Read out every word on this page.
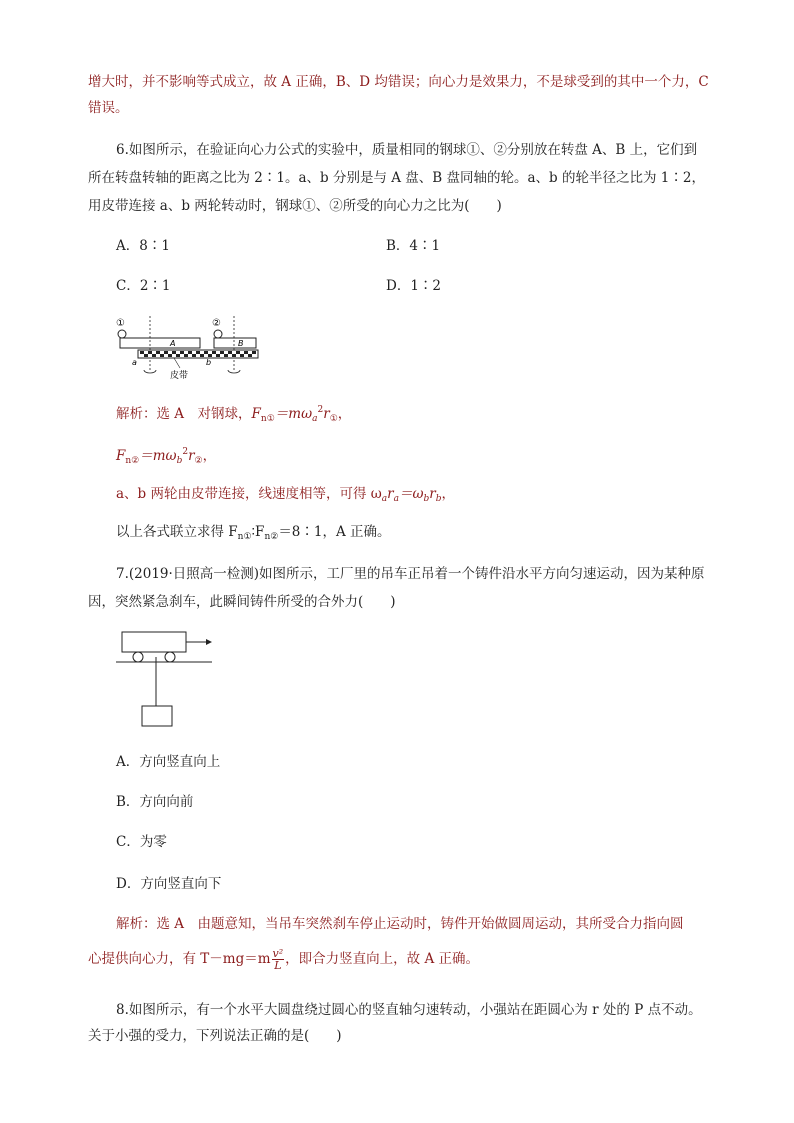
增大时，并不影响等式成立，故 A 正确，B、D 均错误；向心力是效果力，不是球受到的其中一个力，C
错误。
6.如图所示，在验证向心力公式的实验中，质量相同的钢球①、②分别放在转盘 A、B 上，它们到
所在转盘转轴的距离之比为 2∶1。a、b 分别是与 A 盘、B 盘同轴的轮。a、b 的轮半径之比为 1∶2，
用皮带连接 a、b 两轮转动时，钢球①、②所受的向心力之比为(　　)
A．8∶1	B．4∶1
C．2∶1	D．1∶2
①	②
A	B
a	b
皮带
解析：选 A　对钢球，$F_{n①}=m\omega_a^2r_①$，
$F_{n②}=m\omega_b^2r_②$，
a、b 两轮由皮带连接，线速度相等，可得 $\omega_ar_a=\omega_br_b$，
以上各式联立求得 $F_{n①}∶F_{n②}=8∶1$，A 正确。
7.(2019·日照高一检测)如图所示，工厂里的吊车正吊着一个铸件沿水平方向匀速运动，因为某种原
因，突然紧急刹车，此瞬间铸件所受的合外力(　　)
A．方向竖直向上
B．方向向前
C．为零
D．方向竖直向下
解析：选 A　由题意知，当吊车突然刹车停止运动时，铸件开始做圆周运动，其所受合力指向圆
心提供向心力，有 $T-mg=m \frac{\text{v²}}{L}$ ，即合力竖直向上，故 A 正确。
8.如图所示，有一个水平大圆盘绕过圆心的竖直轴匀速转动，小强站在距圆心为 r 处的 P 点不动。
关于小强的受力，下列说法正确的是(　　)
